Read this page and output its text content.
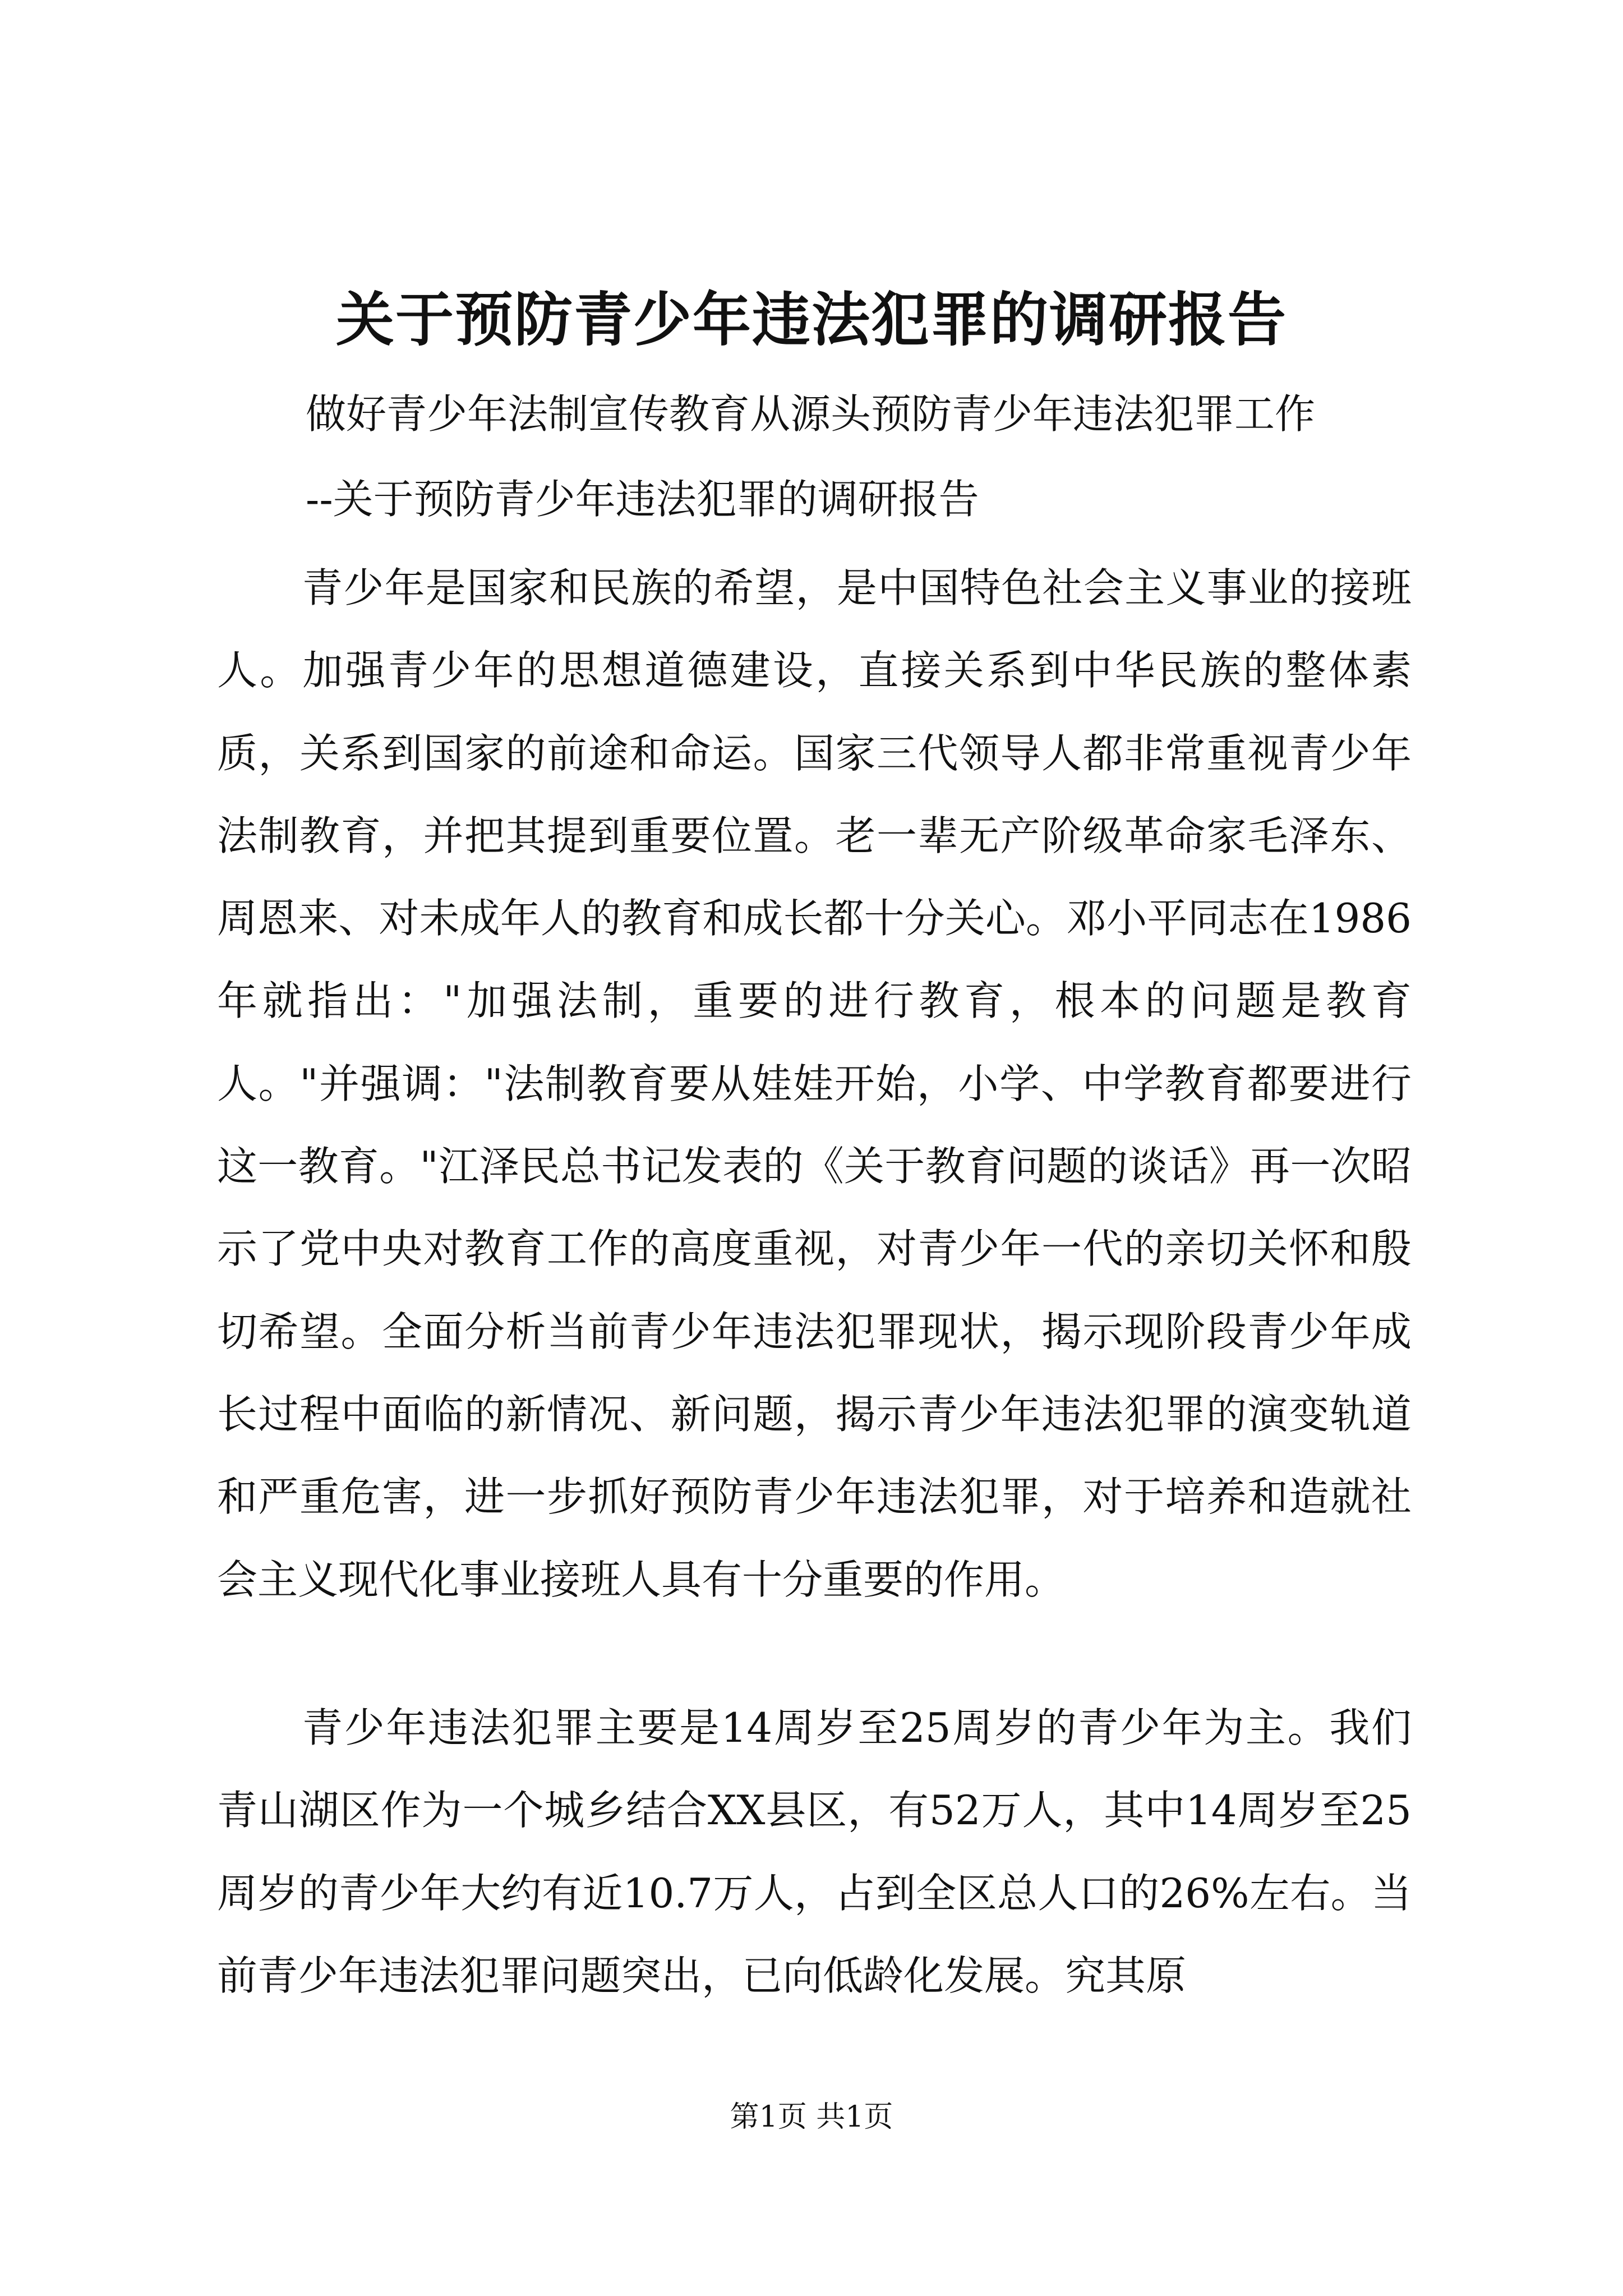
关于预防青少年违法犯罪的调研报告
做好青少年法制宣传教育从源头预防青少年违法犯罪工作
--关于预防青少年违法犯罪的调研报告

青少年是国家和民族的希望，是中国特色社会主义事业的接班人。加强青少年的思想道德建设，直接关系到中华民族的整体素质，关系到国家的前途和命运。国家三代领导人都非常重视青少年法制教育，并把其提到重要位置。老一辈无产阶级革命家毛泽东、周恩来、对未成年人的教育和成长都十分关心。邓小平同志在1986年就指出："加强法制，重要的进行教育，根本的问题是教育人。"并强调："法制教育要从娃娃开始，小学、中学教育都要进行这一教育。"江泽民总书记发表的《关于教育问题的谈话》再一次昭示了党中央对教育工作的高度重视，对青少年一代的亲切关怀和殷切希望。全面分析当前青少年违法犯罪现状，揭示现阶段青少年成长过程中面临的新情况、新问题，揭示青少年违法犯罪的演变轨道和严重危害，进一步抓好预防青少年违法犯罪，对于培养和造就社会主义现代化事业接班人具有十分重要的作用。

青少年违法犯罪主要是14周岁至25周岁的青少年为主。我们青山湖区作为一个城乡结合XX县区，有52万人，其中14周岁至25周岁的青少年大约有近10.7万人，占到全区总人口的26%左右。当前青少年违法犯罪问题突出，已向低龄化发展。究其原

第1页 共1页
